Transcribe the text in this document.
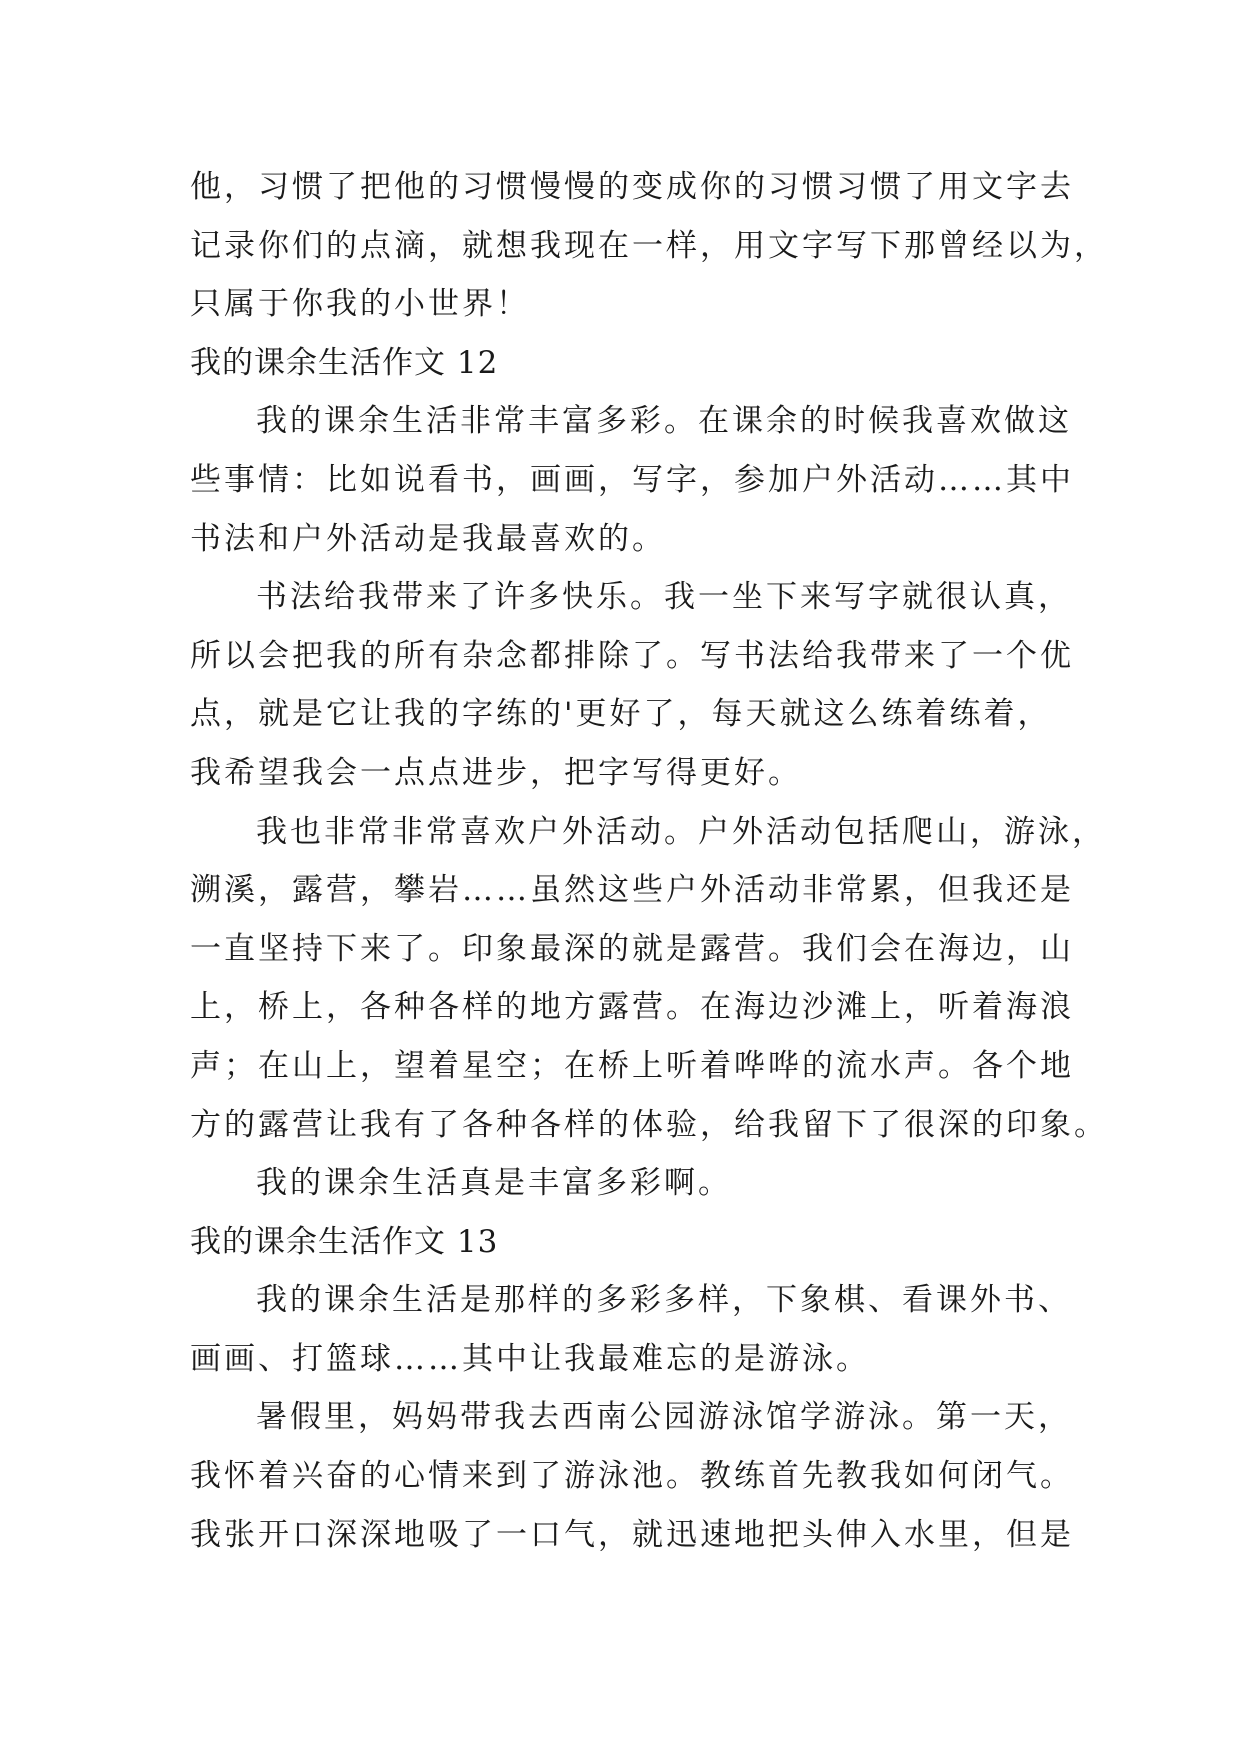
他，习惯了把他的习惯慢慢的变成你的习惯习惯了用文字去
记录你们的点滴，就想我现在一样，用文字写下那曾经以为，
只属于你我的小世界！
我的课余生活作文 12
我的课余生活非常丰富多彩。在课余的时候我喜欢做这
些事情：比如说看书，画画，写字，参加户外活动……其中
书法和户外活动是我最喜欢的。
书法给我带来了许多快乐。我一坐下来写字就很认真，
所以会把我的所有杂念都排除了。写书法给我带来了一个优
点，就是它让我的字练的'更好了，每天就这么练着练着，
我希望我会一点点进步，把字写得更好。
我也非常非常喜欢户外活动。户外活动包括爬山，游泳，
溯溪，露营，攀岩……虽然这些户外活动非常累，但我还是
一直坚持下来了。印象最深的就是露营。我们会在海边，山
上，桥上，各种各样的地方露营。在海边沙滩上，听着海浪
声；在山上，望着星空；在桥上听着哗哗的流水声。各个地
方的露营让我有了各种各样的体验，给我留下了很深的印象。
我的课余生活真是丰富多彩啊。
我的课余生活作文 13
我的课余生活是那样的多彩多样，下象棋、看课外书、
画画、打篮球……其中让我最难忘的是游泳。
暑假里，妈妈带我去西南公园游泳馆学游泳。第一天，
我怀着兴奋的心情来到了游泳池。教练首先教我如何闭气。
我张开口深深地吸了一口气，就迅速地把头伸入水里，但是
